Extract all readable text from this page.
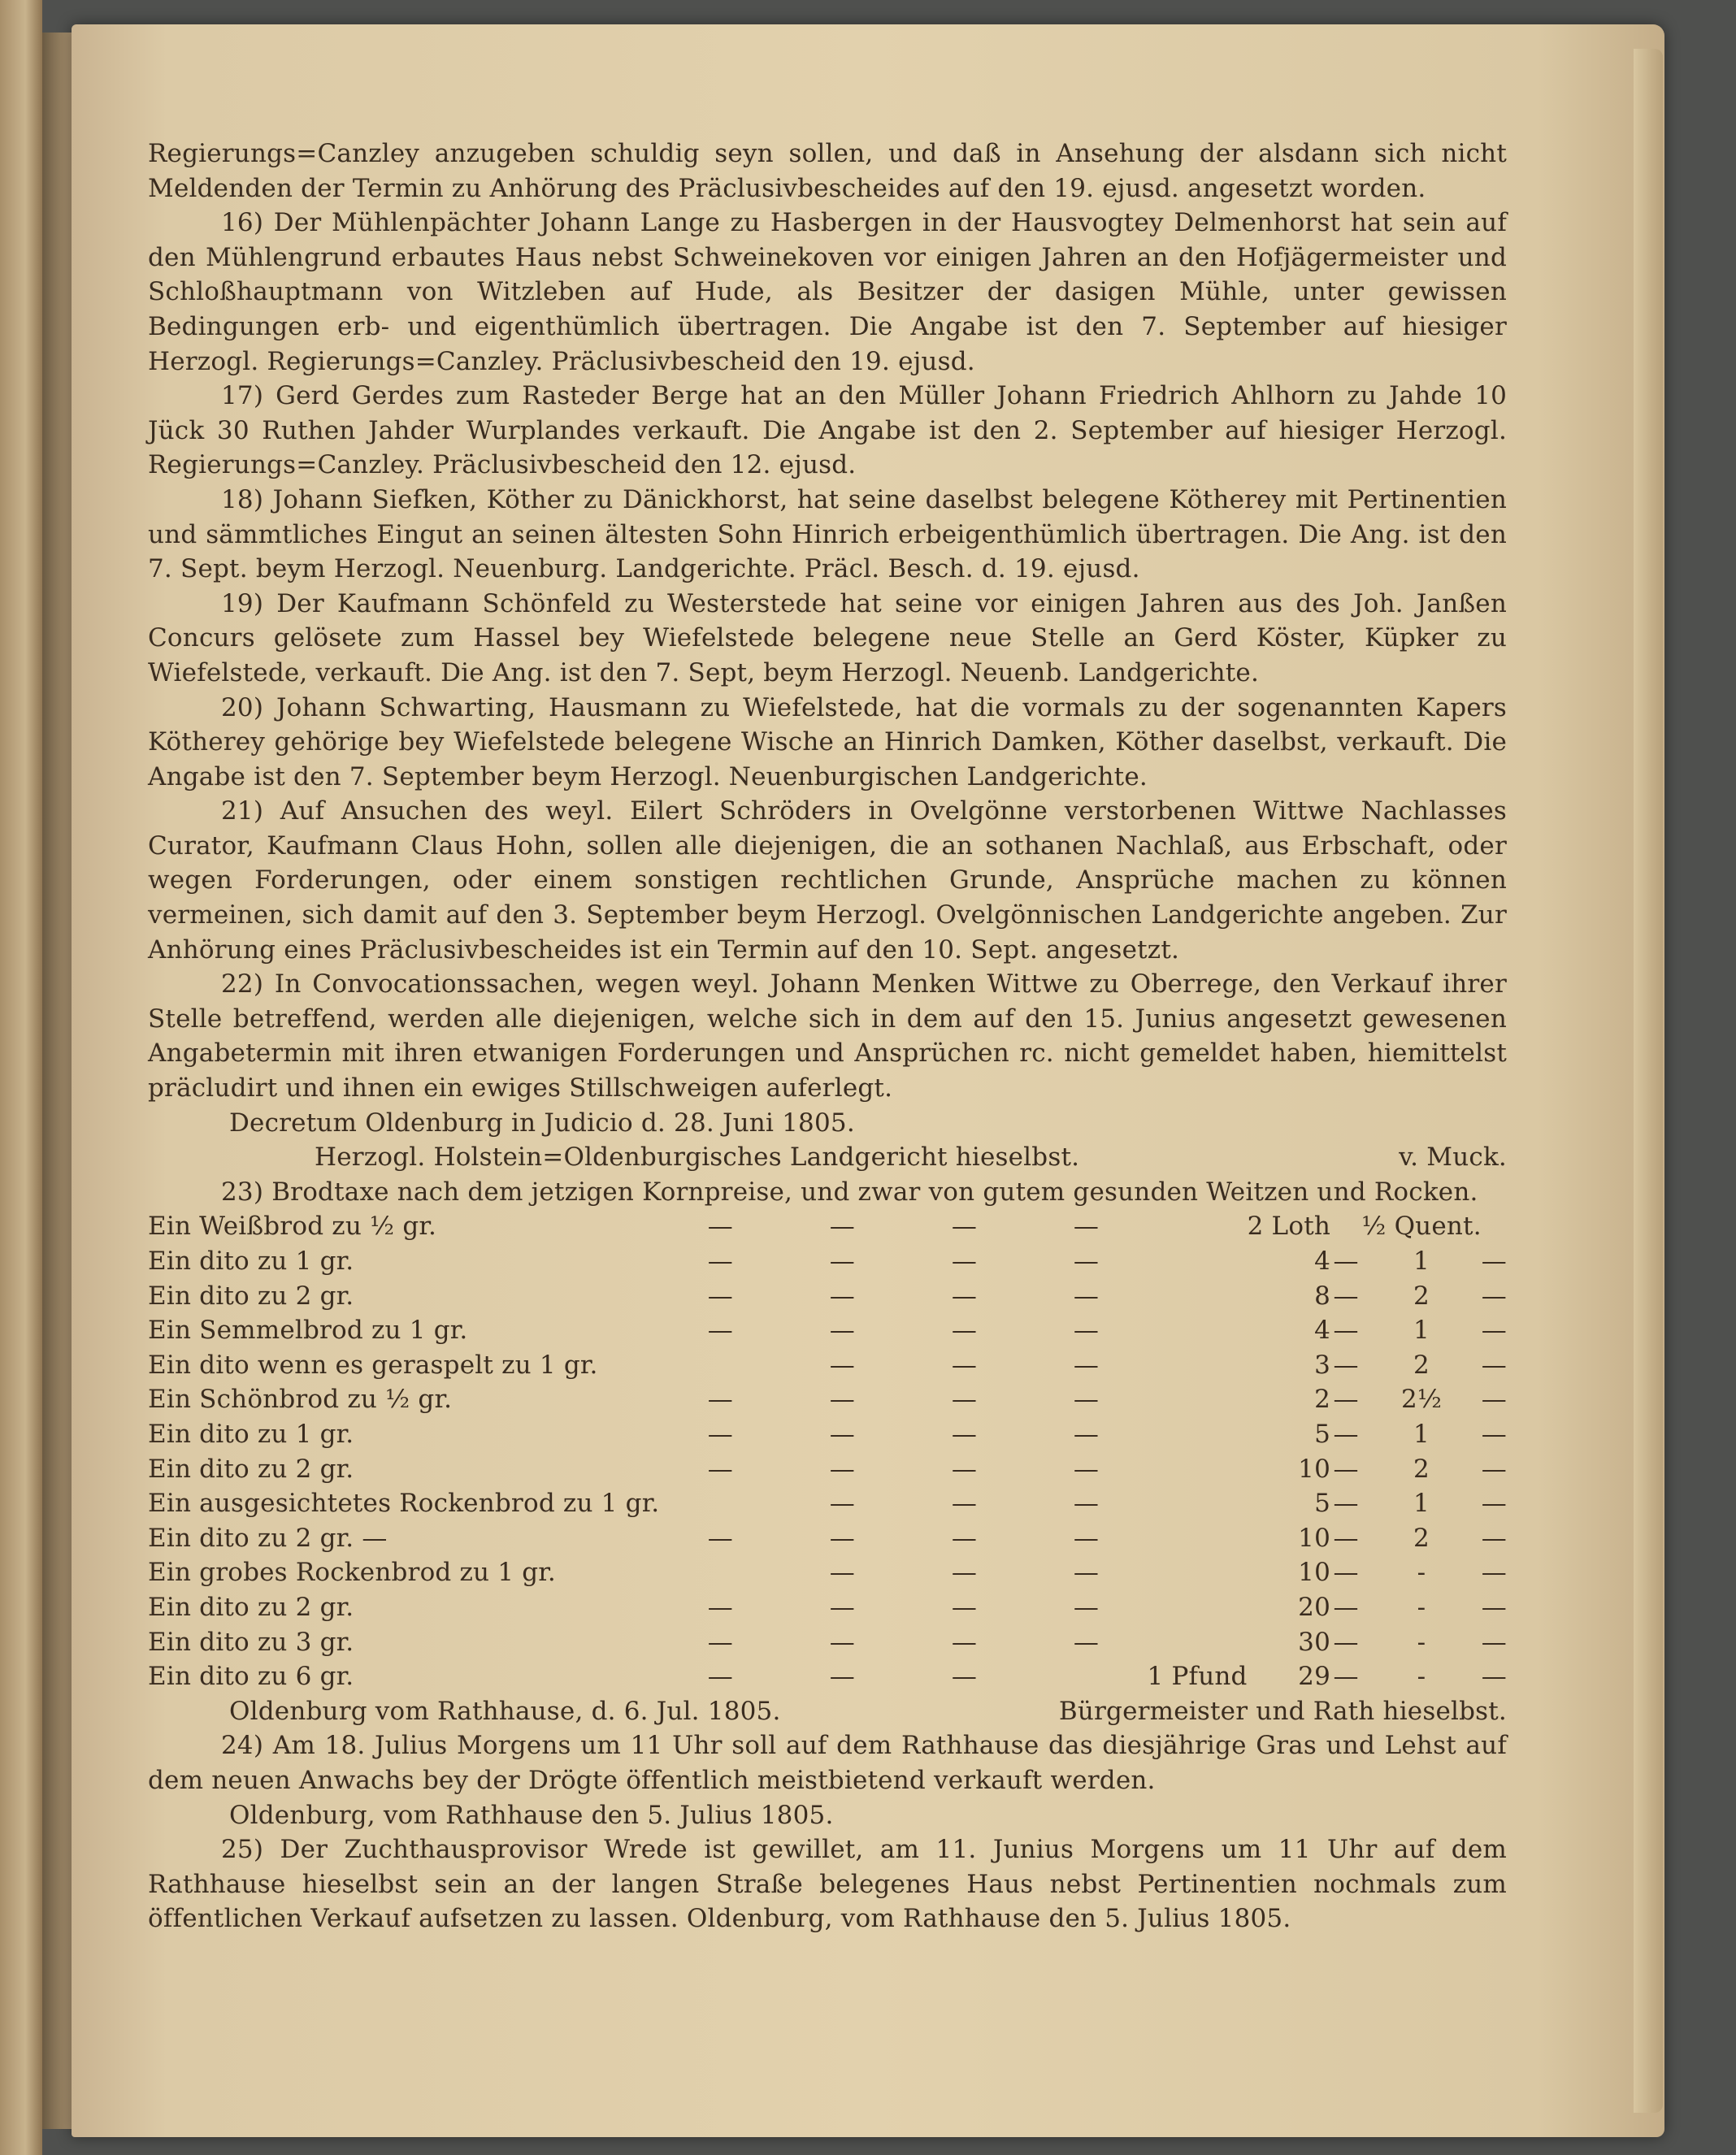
Regierungs=Canzley anzugeben schuldig seyn sollen, und daß in Ansehung der alsdann sich nicht Meldenden der Termin zu Anhörung des Präclusivbescheides auf den 19. ejusd. angesetzt worden.

16) Der Mühlenpächter Johann Lange zu Hasbergen in der Hausvogtey Delmenhorst hat sein auf den Mühlengrund erbautes Haus nebst Schweinekoven vor einigen Jahren an den Hofjägermeister und Schloßhauptmann von Witzleben auf Hude, als Besitzer der dasigen Mühle, unter gewissen Bedingungen erb- und eigenthümlich übertragen. Die Angabe ist den 7. September auf hiesiger Herzogl. Regierungs=Canzley. Präclusivbescheid den 19. ejusd.

17) Gerd Gerdes zum Rasteder Berge hat an den Müller Johann Friedrich Ahlhorn zu Jahde 10 Jück 30 Ruthen Jahder Wurplandes verkauft. Die Angabe ist den 2. September auf hiesiger Herzogl. Regierungs=Canzley. Präclusivbescheid den 12. ejusd.

18) Johann Siefken, Köther zu Dänickhorst, hat seine daselbst belegene Kötherey mit Pertinentien und sämmtliches Eingut an seinen ältesten Sohn Hinrich erbeigenthümlich übertragen. Die Ang. ist den 7. Sept. beym Herzogl. Neuenburg. Landgerichte. Präcl. Besch. d. 19. ejusd.

19) Der Kaufmann Schönfeld zu Westerstede hat seine vor einigen Jahren aus des Joh. Janßen Concurs gelösete zum Hassel bey Wiefelstede belegene neue Stelle an Gerd Köster, Küpker zu Wiefelstede, verkauft. Die Ang. ist den 7. Sept, beym Herzogl. Neuenb. Landgerichte.

20) Johann Schwarting, Hausmann zu Wiefelstede, hat die vormals zu der sogenannten Kapers Kötherey gehörige bey Wiefelstede belegene Wische an Hinrich Damken, Köther daselbst, verkauft. Die Angabe ist den 7. September beym Herzogl. Neuenburgischen Landgerichte.

21) Auf Ansuchen des weyl. Eilert Schröders in Ovelgönne verstorbenen Wittwe Nachlasses Curator, Kaufmann Claus Hohn, sollen alle diejenigen, die an sothanen Nachlaß, aus Erbschaft, oder wegen Forderungen, oder einem sonstigen rechtlichen Grunde, Ansprüche machen zu können vermeinen, sich damit auf den 3. September beym Herzogl. Ovelgönnischen Landgerichte angeben. Zur Anhörung eines Präclusivbescheides ist ein Termin auf den 10. Sept. angesetzt.

22) In Convocationssachen, wegen weyl. Johann Menken Wittwe zu Oberrege, den Verkauf ihrer Stelle betreffend, werden alle diejenigen, welche sich in dem auf den 15. Junius angesetzt gewesenen Angabetermin mit ihren etwanigen Forderungen und Ansprüchen rc. nicht gemeldet haben, hiemittelst präcludirt und ihnen ein ewiges Stillschweigen auferlegt.

Decretum Oldenburg in Judicio d. 28. Juni 1805.

Herzogl. Holstein=Oldenburgisches Landgericht hieselbst.	v. Muck.

23) Brodtaxe nach dem jetzigen Kornpreise, und zwar von gutem gesunden Weitzen und Rocken.

Ein Weißbrod zu ½ gr.	—	—	—	—		2 Loth		½ Quent.	
Ein dito zu 1 gr.	—	—	—	—		4	—	1	—
Ein dito zu 2 gr.	—	—	—	—		8	—	2	—
Ein Semmelbrod zu 1 gr.	—	—	—	—		4	—	1	—
Ein dito wenn es geraspelt zu 1 gr.		—	—	—		3	—	2	—
Ein Schönbrod zu ½ gr.	—	—	—	—		2	—	2½	—
Ein dito zu 1 gr.	—	—	—	—		5	—	1	—
Ein dito zu 2 gr.	—	—	—	—		10	—	2	—
Ein ausgesichtetes Rockenbrod zu 1 gr.		—	—	—		5	—	1	—
Ein dito zu 2 gr. —	—	—	—	—		10	—	2	—
Ein grobes Rockenbrod zu 1 gr.		—	—	—		10	—	-	—
Ein dito zu 2 gr.	—	—	—	—		20	—	-	—
Ein dito zu 3 gr.	—	—	—	—		30	—	-	—
Ein dito zu 6 gr.	—	—	—		1 Pfund	29	—	-	—
Oldenburg vom Rathhause, d. 6. Jul. 1805.	Bürgermeister und Rath hieselbst.

24) Am 18. Julius Morgens um 11 Uhr soll auf dem Rathhause das diesjährige Gras und Lehst auf dem neuen Anwachs bey der Drögte öffentlich meistbietend verkauft werden.

Oldenburg, vom Rathhause den 5. Julius 1805.

25) Der Zuchthausprovisor Wrede ist gewillet, am 11. Junius Morgens um 11 Uhr auf dem Rathhause hieselbst sein an der langen Straße belegenes Haus nebst Pertinentien nochmals zum öffentlichen Verkauf aufsetzen zu lassen. Oldenburg, vom Rathhause den 5. Julius 1805.
